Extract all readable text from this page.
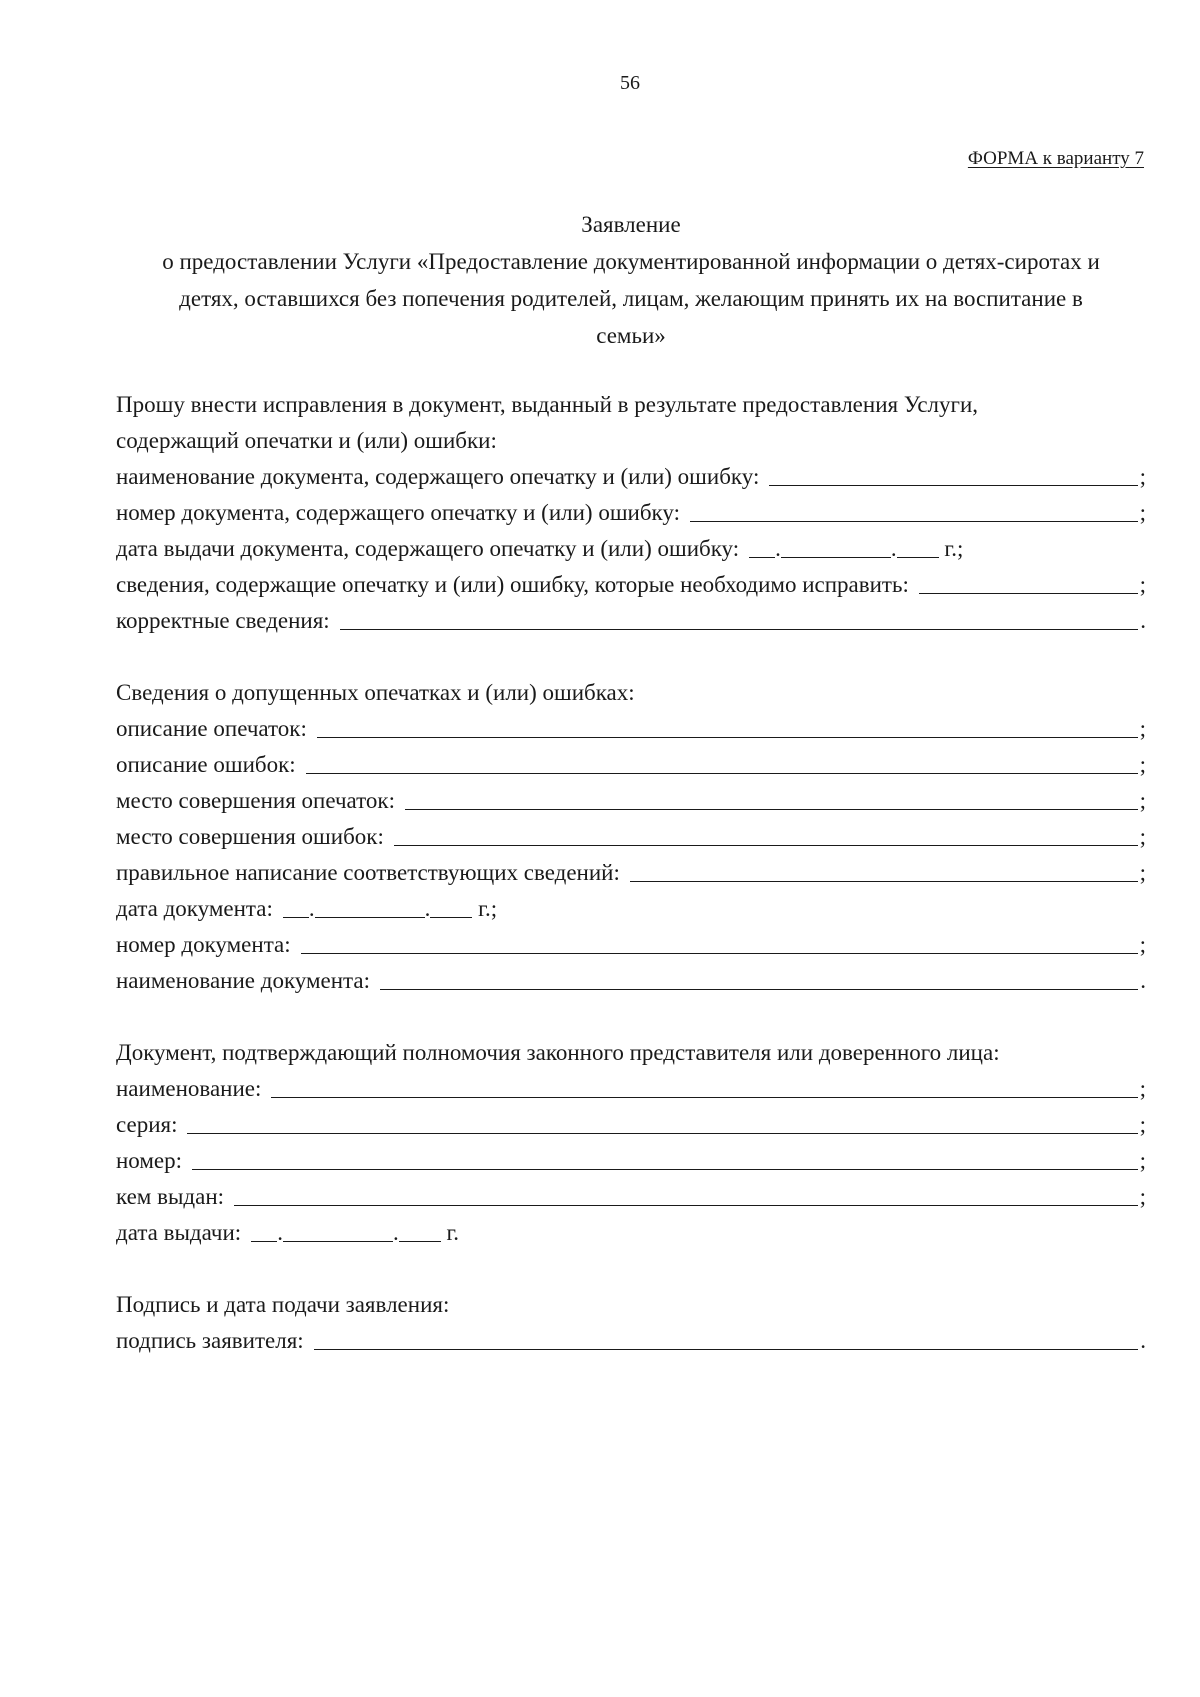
56
ФОРМА к варианту 7
Заявление
о предоставлении Услуги «Предоставление документированной информации о детях-сиротах и
детях, оставшихся без попечения родителей, лицам, желающим принять их на воспитание в
семьи»
Прошу внести исправления в документ, выданный в результате предоставления Услуги,
содержащий опечатки и (или) ошибки:
наименование документа, содержащего опечатку и (или) ошибку:	;
номер документа, содержащего опечатку и (или) ошибку:	;
дата выдачи документа, содержащего опечатку и (или) ошибку:	.	. г.;
сведения, содержащие опечатку и (или) ошибку, которые необходимо исправить:	;
корректные сведения:	.
Сведения о допущенных опечатках и (или) ошибках:
описание опечаток:	;
описание ошибок:	;
место совершения опечаток:	;
место совершения ошибок:	;
правильное написание соответствующих сведений:	;
дата документа:	.	. г.;
номер документа:	;
наименование документа:	.
Документ, подтверждающий полномочия законного представителя или доверенного лица:
наименование:	;
серия:	;
номер:	;
кем выдан:	;
дата выдачи:	.	. г.
Подпись и дата подачи заявления:
подпись заявителя:	.
